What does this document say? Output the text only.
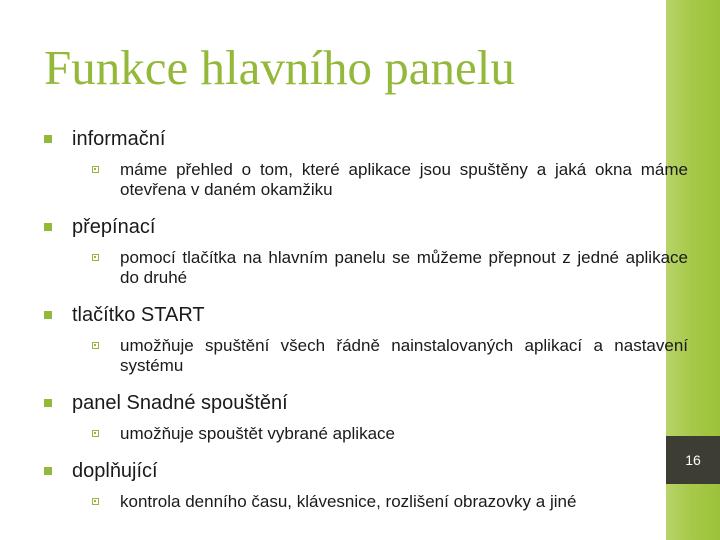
16
Funkce hlavního panelu
informační
máme přehled o tom, které aplikace jsou spuštěny a jaká okna máme otevřena v daném okamžiku
přepínací
pomocí tlačítka na hlavním panelu se můžeme přepnout z jedné aplikace do druhé
tlačítko START
umožňuje spuštění všech řádně nainstalovaných aplikací a nastavení systému
panel Snadné spouštění
umožňuje spouštět vybrané aplikace
doplňující
kontrola denního času, klávesnice, rozlišení obrazovky a jiné
